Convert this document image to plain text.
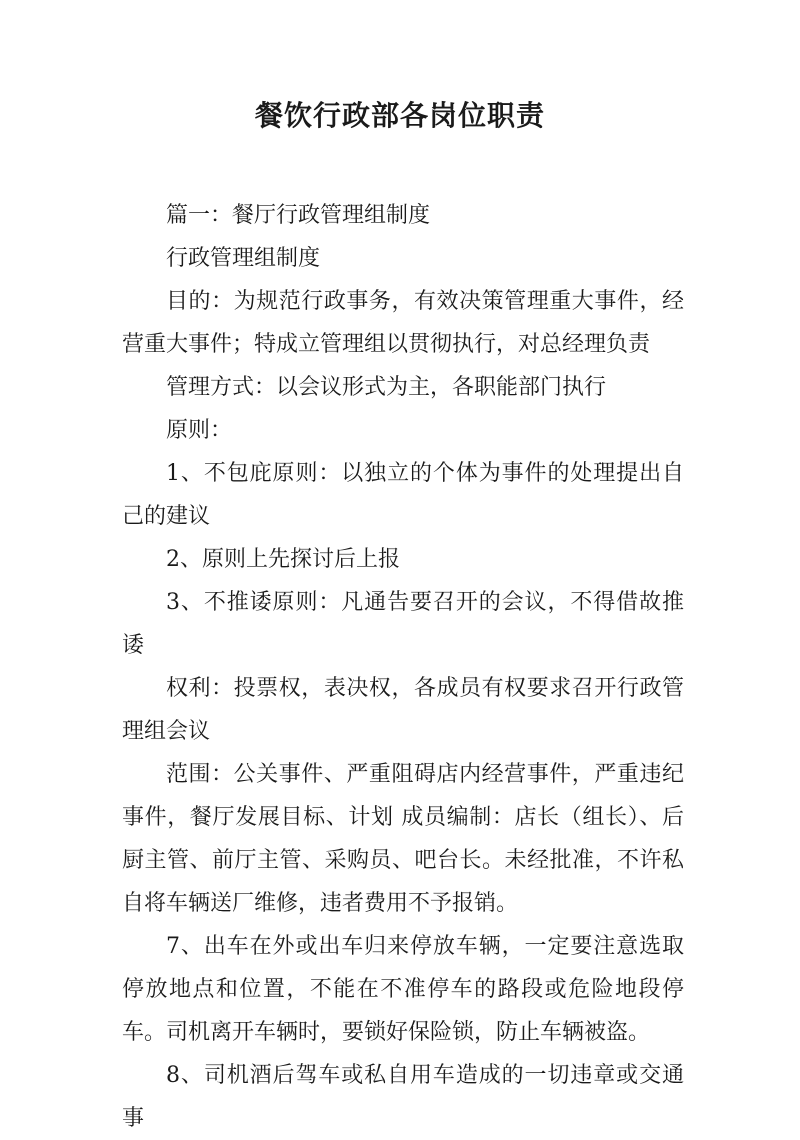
餐饮行政部各岗位职责

篇一：餐厅行政管理组制度

行政管理组制度

目的：为规范行政事务，有效决策管理重大事件，经营重大事件；特成立管理组以贯彻执行，对总经理负责

管理方式：以会议形式为主，各职能部门执行

原则：

1、不包庇原则：以独立的个体为事件的处理提出自己的建议

2、原则上先探讨后上报

3、不推诿原则：凡通告要召开的会议，不得借故推诿

权利：投票权，表决权，各成员有权要求召开行政管理组会议

范围：公关事件、严重阻碍店内经营事件，严重违纪事件，餐厅发展目标、计划 成员编制：店长（组长）、后厨主管、前厅主管、采购员、吧台长。未经批准，不许私自将车辆送厂维修，违者费用不予报销。

7、出车在外或出车归来停放车辆，一定要注意选取停放地点和位置，不能在不准停车的路段或危险地段停车。司机离开车辆时，要锁好保险锁，防止车辆被盗。

8、司机酒后驾车或私自用车造成的一切违章或交通事
